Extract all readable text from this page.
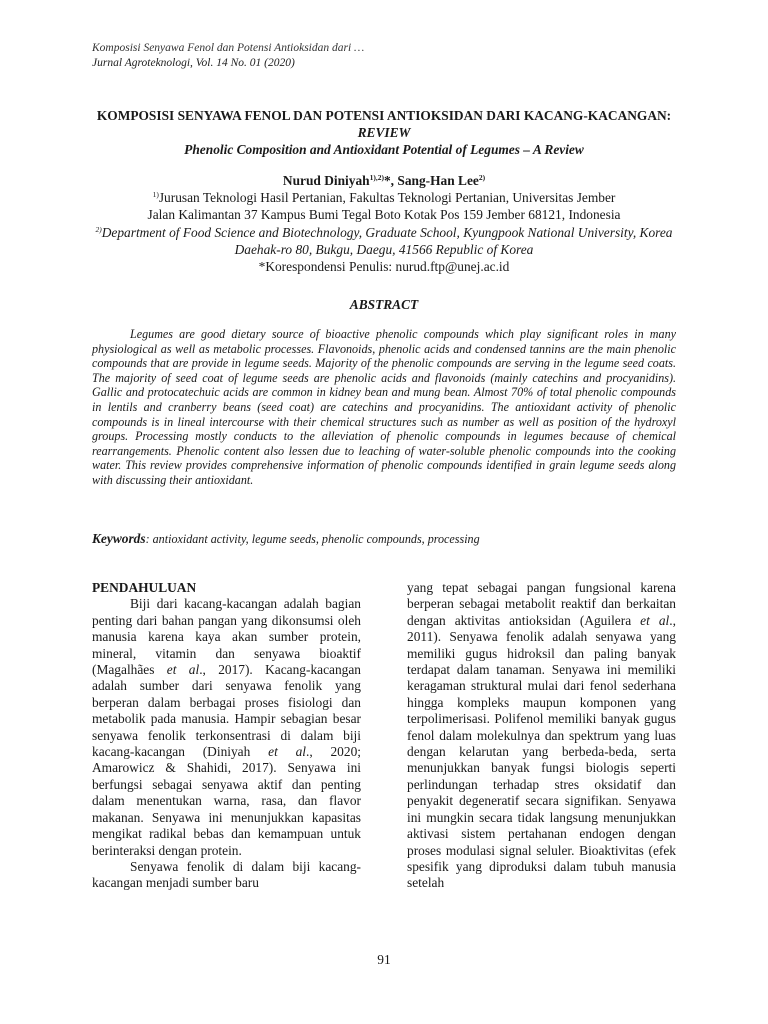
Komposisi Senyawa Fenol dan Potensi Antioksidan dari …
Jurnal Agroteknologi, Vol. 14 No. 01 (2020)

KOMPOSISI SENYAWA FENOL DAN POTENSI ANTIOKSIDAN DARI KACANG-KACANGAN: REVIEW

Phenolic Composition and Antioxidant Potential of Legumes – A Review

Nurud Diniyah$^{1),2)}$*, Sang-Han Lee$^{2)}$
$^{1)}$Jurusan Teknologi Hasil Pertanian, Fakultas Teknologi Pertanian, Universitas Jember
Jalan Kalimantan 37 Kampus Bumi Tegal Boto Kotak Pos 159 Jember 68121, Indonesia
$^{2)}$Department of Food Science and Biotechnology, Graduate School, Kyungpook National University, Korea
Daehak-ro 80, Bukgu, Daegu, 41566 Republic of Korea
*Korespondensi Penulis: nurud.ftp@unej.ac.id
ABSTRACT

Legumes are good dietary source of bioactive phenolic compounds which play significant roles in many physiological as well as metabolic processes. Flavonoids, phenolic acids and condensed tannins are the main phenolic compounds that are provide in legume seeds. Majority of the phenolic compounds are serving in the legume seed coats. The majority of seed coat of legume seeds are phenolic acids and flavonoids (mainly catechins and procyanidins). Gallic and protocatechuic acids are common in kidney bean and mung bean. Almost 70% of total phenolic compounds in lentils and cranberry beans (seed coat) are catechins and procyanidins. The antioxidant activity of phenolic compounds is in lineal intercourse with their chemical structures such as number as well as position of the hydroxyl groups. Processing mostly conducts to the alleviation of phenolic compounds in legumes because of chemical rearrangements. Phenolic content also lessen due to leaching of water-soluble phenolic compounds into the cooking water. This review provides comprehensive information of phenolic compounds identified in grain legume seeds along with discussing their antioxidant.

Keywords: antioxidant activity, legume seeds, phenolic compounds, processing

PENDAHULUAN

Biji dari kacang-kacangan adalah bagian penting dari bahan pangan yang dikonsumsi oleh manusia karena kaya akan sumber protein, mineral, vitamin dan senyawa bioaktif (Magalhães et al., 2017). Kacang-kacangan adalah sumber dari senyawa fenolik yang berperan dalam berbagai proses fisiologi dan metabolik pada manusia. Hampir sebagian besar senyawa fenolik terkonsentrasi di dalam biji kacang-kacangan (Diniyah et al., 2020; Amarowicz & Shahidi, 2017). Senyawa ini berfungsi sebagai senyawa aktif dan penting dalam menentukan warna, rasa, dan flavor makanan. Senyawa ini menunjukkan kapasitas mengikat radikal bebas dan kemampuan untuk berinteraksi dengan protein.

Senyawa fenolik di dalam biji kacang-kacangan menjadi sumber baru

yang tepat sebagai pangan fungsional karena berperan sebagai metabolit reaktif dan berkaitan dengan aktivitas antioksidan (Aguilera et al., 2011). Senyawa fenolik adalah senyawa yang memiliki gugus hidroksil dan paling banyak terdapat dalam tanaman. Senyawa ini memiliki keragaman struktural mulai dari fenol sederhana hingga kompleks maupun komponen yang terpolimerisasi. Polifenol memiliki banyak gugus fenol dalam molekulnya dan spektrum yang luas dengan kelarutan yang berbeda-beda, serta menunjukkan banyak fungsi biologis seperti perlindungan terhadap stres oksidatif dan penyakit degeneratif secara signifikan. Senyawa ini mungkin secara tidak langsung menunjukkan aktivasi sistem pertahanan endogen dengan proses modulasi signal seluler. Bioaktivitas (efek spesifik yang diproduksi dalam tubuh manusia setelah

91
